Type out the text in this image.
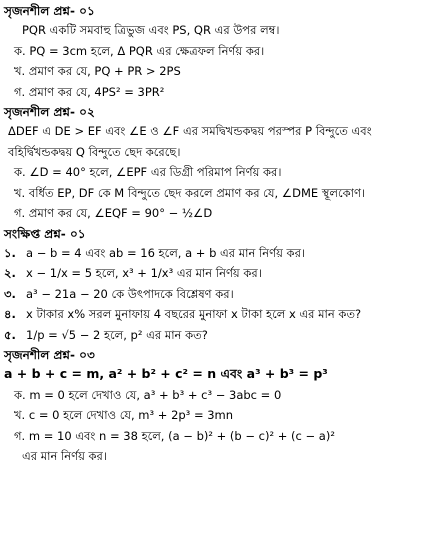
সৃজনশীল প্রশ্ন- ০১
PQR একটি সমবাহু ত্রিভুজ এবং PS, QR এর উপর লম্ব।
ক. PQ = 3cm হলে, Δ PQR এর ক্ষেত্রফল নির্ণয় কর।
খ. প্রমাণ কর যে, PQ + PR > 2PS
গ. প্রমাণ কর যে, 4PS² = 3PR²
সৃজনশীল প্রশ্ন- ০২
ΔDEF এ DE > EF এবং ∠E ও ∠F এর সমদ্বিখন্ডকদ্বয় পরস্পর P বিন্দুতে এবং
বহির্দ্বিখন্ডকদ্বয় Q বিন্দুতে ছেদ করেছে।
ক. ∠D = 40° হলে, ∠EPF এর ডিগ্রী পরিমাপ নির্ণয় কর।
খ. বর্ধিত EP, DF কে M বিন্দুতে ছেদ করলে প্রমাণ কর যে, ∠DME স্থূলকোণ।
গ. প্রমাণ কর যে, ∠EQF = 90° − ½∠D
সংক্ষিপ্ত প্রশ্ন- ০১
১. a − b = 4 এবং ab = 16 হলে, a + b এর মান নির্ণয় কর।
২. x − 1/x = 5 হলে, x³ + 1/x³ এর মান নির্ণয় কর।
৩. a³ − 21a − 20 কে উৎপাদকে বিশ্লেষণ কর।
৪. x টাকার x% সরল মুনাফায় 4 বছরের মুনাফা x টাকা হলে x এর মান কত?
৫. 1/p = √5 − 2 হলে, p² এর মান কত?
সৃজনশীল প্রশ্ন- ০৩
a + b + c = m, a² + b² + c² = n এবং a³ + b³ = p³
ক. m = 0 হলে দেখাও যে, a³ + b³ + c³ − 3abc = 0
খ. c = 0 হলে দেখাও যে, m³ + 2p³ = 3mn
গ. m = 10 এবং n = 38 হলে, (a − b)² + (b − c)² + (c − a)²
এর মান নির্ণয় কর।
